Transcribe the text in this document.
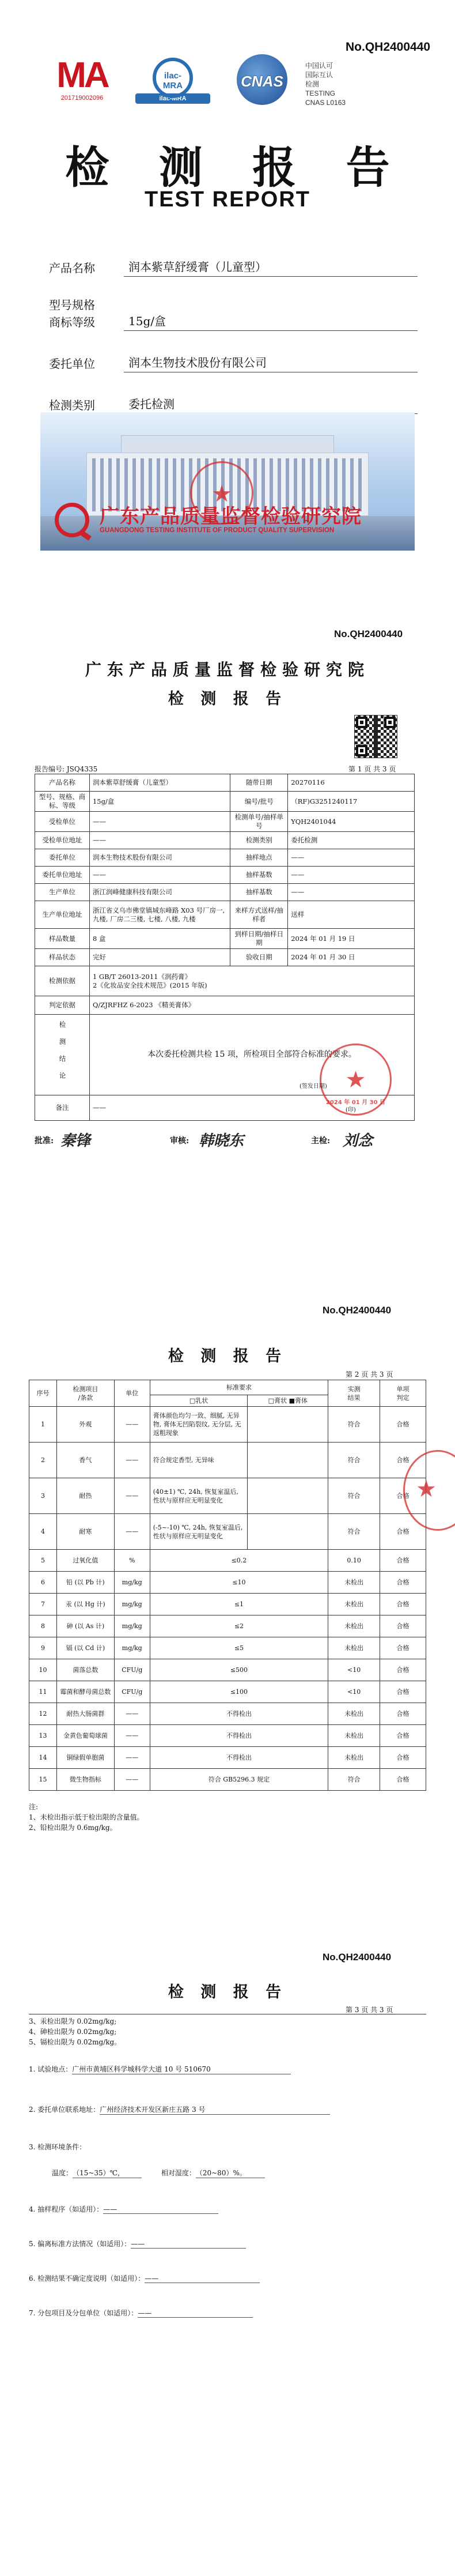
No.QH2400440
MA
201719002096
ilac-MRA
ilac-MRA
CNAS
中国认可
国际互认
检测
TESTING
CNAS L0163
检 测 报 告
TEST REPORT
产品名称	润本紫草舒缓膏（儿童型）
型号规格
商标等级	15g/盒
委托单位	润本生物技术股份有限公司
检测类别	委托检测
★
广东产品质量监督检验研究院
GUANGDONG TESTING INSTITUTE OF PRODUCT QUALITY SUPERVISION
No.QH2400440
广东产品质量监督检验研究院
检 测 报 告
报告编号: JSQ4335	第 1 页 共 3 页
产品名称	润本紫草舒缓膏（儿童型）	随带日期	20270116
型号、规格、商标、等级	15g/盒	编号/批号	（RF)G3251240117
受检单位	——	检测单号/抽样单号	YQH2401044
受检单位地址	——	检测类别	委托检测
委托单位	润本生物技术股份有限公司	抽样地点	——
委托单位地址	——	抽样基数	——
生产单位	浙江润峰健康科技有限公司	抽样基数	——
生产单位地址	浙江省义乌市佛堂镇城东峰路 X03 号厂房一, 九楼, 厂房二三楼, 七楼, 八楼, 九楼	来样方式送样/抽样者	送样
样品数量	8 盒	到样日期/抽样日期	2024 年 01 月 19 日
样品状态	完好	验收日期	2024 年 01 月 30 日
检测依据	1 GB/T 26013-2011《润药膏》
2《化妆品安全技术规范》(2015 年版)		

判定依据	Q/ZJRFHZ 6-2023 《精美膏体》		
检测结论	本次委托检测共检 15 项，所检项目全部符合标准的要求。		
备注	——		
★
2024 年 01 月 30 日
(签发日期)
(印)
批准: 秦锋	审核: 韩晓东	主检: 刘念
No.QH2400440
检 测 报 告
第 2 页 共 3 页
序号	检测项目
/条款	单位	标准要求		实测
结果	单项
判定
			□乳状	□膏状 ■膏体		
1	外观	——	膏体颜色均匀一致、细腻, 无异物, 膏体无凹陷裂纹, 无分层, 无返粗现象		符合	合格
2	香气	——	符合规定香型, 无异味		符合	合格
3	耐热	——	(40±1) ℃, 24h, 恢复室温后, 性状与原样应无明显变化		符合	合格
4	耐寒	——	(-5~-10) ℃, 24h, 恢复室温后, 性状与原样应无明显变化		符合	合格
5	过氧化值	%	≤0.2		0.10	合格
6	铅 (以 Pb 计)	mg/kg	≤10		未检出	合格
7	汞 (以 Hg 计)	mg/kg	≤1		未检出	合格
8	砷 (以 As 计)	mg/kg	≤2		未检出	合格
9	镉 (以 Cd 计)	mg/kg	≤5		未检出	合格
10	菌落总数	CFU/g	≤500		<10	合格
11	霉菌和酵母菌总数	CFU/g	≤100		<10	合格
12	耐热大肠菌群	——	不得检出		未检出	合格
13	金黄色葡萄球菌	——	不得检出		未检出	合格
14	铜绿假单胞菌	——	不得检出		未检出	合格
15	微生物指标	——	符合 GB5296.3 规定		符合	合格
★
注:
1、未检出指示低于检出限的含量值。
2、铅检出限为 0.6mg/kg。
No.QH2400440
检 测 报 告
第 3 页 共 3 页
3、汞检出限为 0.02mg/kg;
4、砷检出限为 0.02mg/kg;
5、镉检出限为 0.02mg/kg。
1. 试验地点：广州市黄埔区科学城科学大道 10 号 510670
2. 委托单位联系地址：广州经济技术开发区新庄五路 3 号
3. 检测环境条件：
温度：（15~35）℃，	相对湿度：（20~80）%。
4. 抽样程序（如适用）：——
5. 偏离标准方法情况（如适用）：——
6. 检测结果不确定度说明（如适用）：——
7. 分包项目及分包单位（如适用）：——
